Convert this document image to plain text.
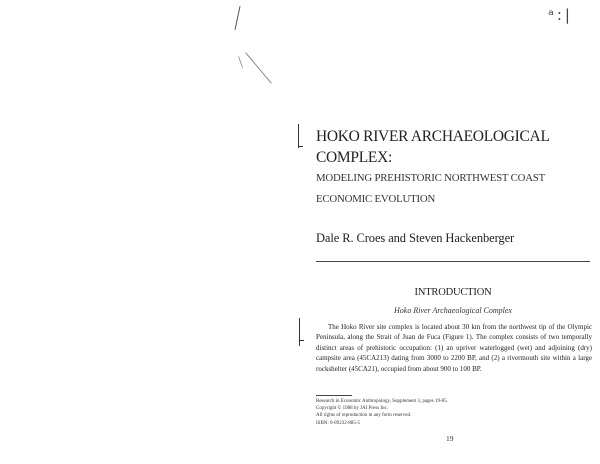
ᵃ:|
HOKO RIVER ARCHAEOLOGICAL COMPLEX:
MODELING PREHISTORIC NORTHWEST COAST ECONOMIC EVOLUTION
Dale R. Croes and Steven Hackenberger
INTRODUCTION
Hoko River Archaeological Complex

The Hoko River site complex is located about 30 km from the northwest tip of the Olympic Peninsula, along the Strait of Juan de Fuca (Figure 1). The complex consists of two temporally distinct areas of prehistoric occupation: (1) an upriver waterlogged (wet) and adjoining (dry) campsite area (45CA213) dating from 3000 to 2200 BP, and (2) a rivermouth site within a large rockshelter (45CA21), occupied from about 900 to 100 BP.

Research in Economic Anthropology, Supplement 3, pages 19-85.
Copyright © 1988 by JAI Press Inc.
All rights of reproduction in any form reserved.
ISBN: 0-89232-885-5
19
